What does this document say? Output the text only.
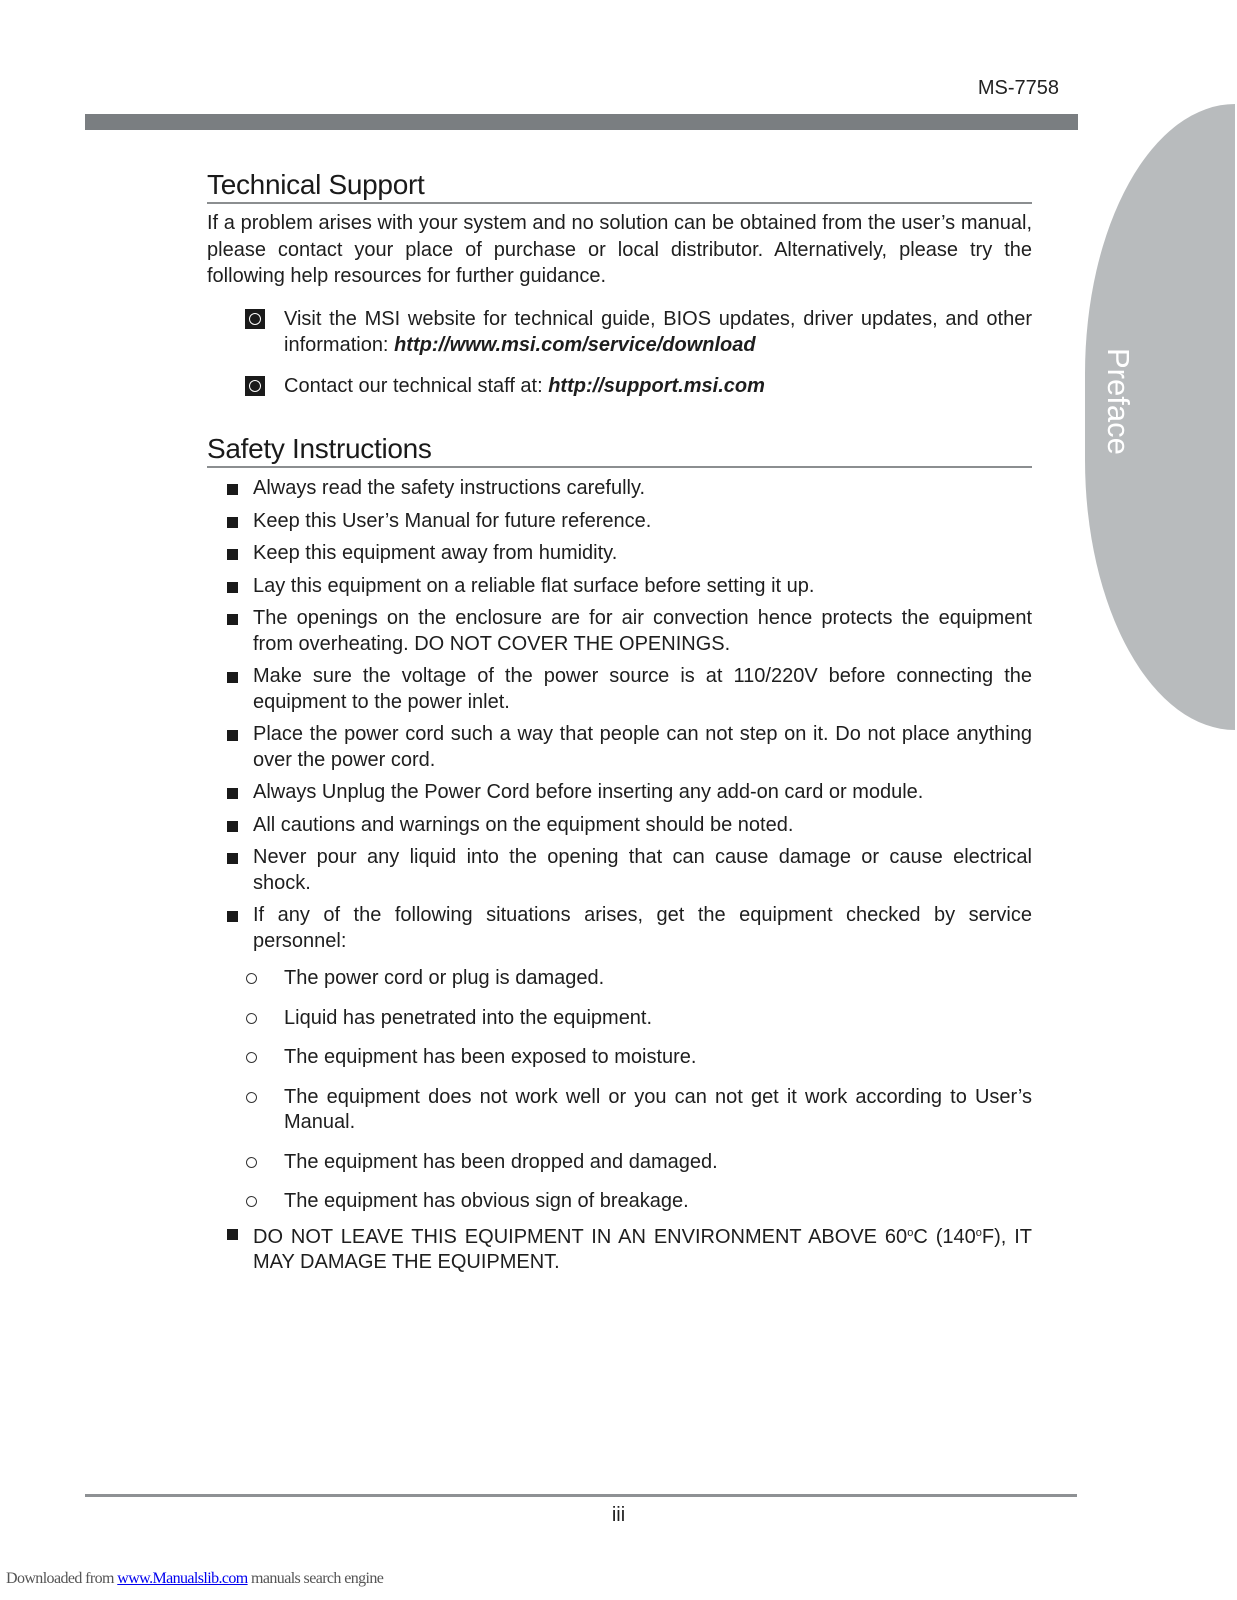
MS-7758
Preface
Technical Support

If a problem arises with your system and no solution can be obtained from the user’s manual, please contact your place of purchase or local distributor. Alternatively, please try the following help resources for further guidance.

Visit the MSI website for technical guide, BIOS updates, driver updates, and other information: http://www.msi.com/service/download
Contact our technical staff at: http://support.msi.com
Safety Instructions
Always read the safety instructions carefully.
Keep this User’s Manual for future reference.
Keep this equipment away from humidity.
Lay this equipment on a reliable flat surface before setting it up.
The openings on the enclosure are for air convection hence protects the equipment from overheating. DO NOT COVER THE OPENINGS.
Make sure the voltage of the power source is at 110/220V before connecting the equipment to the power inlet.
Place the power cord such a way that people can not step on it. Do not place anything over the power cord.
Always Unplug the Power Cord before inserting any add-on card or module.
All cautions and warnings on the equipment should be noted.
Never pour any liquid into the opening that can cause damage or cause electrical shock.
If any of the following situations arises, get the equipment checked by service personnel:
The power cord or plug is damaged.
Liquid has penetrated into the equipment.
The equipment has been exposed to moisture.
The equipment does not work well or you can not get it work according to User’s Manual.
The equipment has been dropped and damaged.
The equipment has obvious sign of breakage.
DO NOT LEAVE THIS EQUIPMENT IN AN ENVIRONMENT ABOVE 60$^o$C (140$^o$F), IT MAY DAMAGE THE EQUIPMENT.
iii
Downloaded from www.Manualslib.com manuals search engine
